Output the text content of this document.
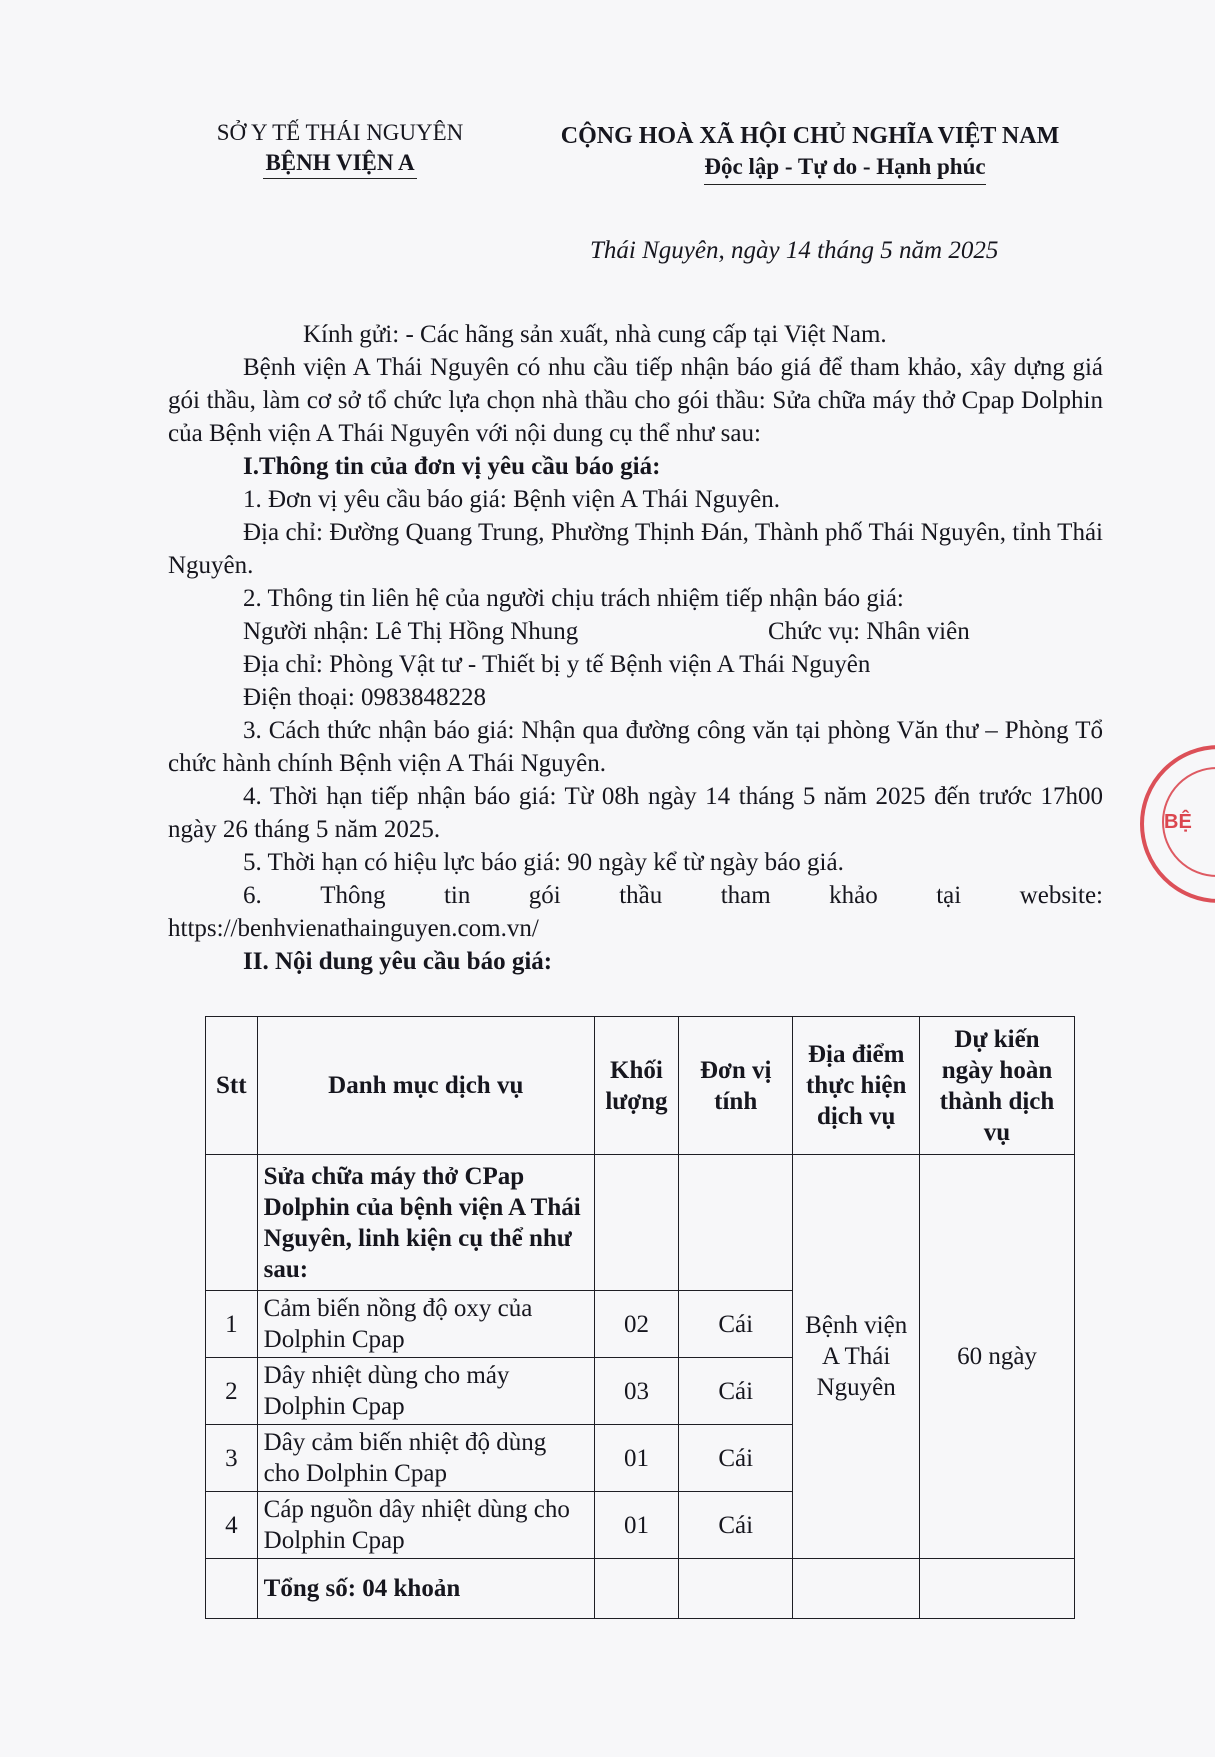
SỞ Y TẾ THÁI NGUYÊN
BỆNH VIỆN A
CỘNG HOÀ XÃ HỘI CHỦ NGHĨA VIỆT NAM
Độc lập - Tự do - Hạnh phúc
Thái Nguyên, ngày 14 tháng 5 năm 2025

Kính gửi: - Các hãng sản xuất, nhà cung cấp tại Việt Nam.

Bệnh viện A Thái Nguyên có nhu cầu tiếp nhận báo giá để tham khảo, xây dựng giá gói thầu, làm cơ sở tổ chức lựa chọn nhà thầu cho gói thầu: Sửa chữa máy thở Cpap Dolphin của Bệnh viện A Thái Nguyên với nội dung cụ thể như sau:

I.Thông tin của đơn vị yêu cầu báo giá:

1. Đơn vị yêu cầu báo giá: Bệnh viện A Thái Nguyên.

Địa chỉ: Đường Quang Trung, Phường Thịnh Đán, Thành phố Thái Nguyên, tỉnh Thái Nguyên.

2. Thông tin liên hệ của người chịu trách nhiệm tiếp nhận báo giá:

Người nhận: Lê Thị Hồng Nhung	Chức vụ: Nhân viên

Địa chỉ: Phòng Vật tư - Thiết bị y tế Bệnh viện A Thái Nguyên

Điện thoại: 0983848228

3. Cách thức nhận báo giá: Nhận qua đường công văn tại phòng Văn thư – Phòng Tổ chức hành chính Bệnh viện A Thái Nguyên.

4. Thời hạn tiếp nhận báo giá: Từ 08h ngày 14 tháng 5 năm 2025 đến trước 17h00 ngày 26 tháng 5 năm 2025.

5. Thời hạn có hiệu lực báo giá: 90 ngày kể từ ngày báo giá.

6. Thông tin gói thầu tham khảo tại website:

https://benhvienathainguyen.com.vn/

II. Nội dung yêu cầu báo giá:

Stt	Danh mục dịch vụ	Khối lượng	Đơn vị tính	Địa điểm thực hiện dịch vụ	Dự kiến ngày hoàn thành dịch vụ
	Sửa chữa máy thở CPap Dolphin của bệnh viện A Thái Nguyên, linh kiện cụ thể như sau:			Bệnh viện A Thái Nguyên	60 ngày
1	Cảm biến nồng độ oxy của Dolphin Cpap	02	Cái		
2	Dây nhiệt dùng cho máy Dolphin Cpap	03	Cái		
3	Dây cảm biến nhiệt độ dùng cho Dolphin Cpap	01	Cái		
4	Cáp nguồn dây nhiệt dùng cho Dolphin Cpap	01	Cái		
	Tổng số: 04 khoản				
BỆ
